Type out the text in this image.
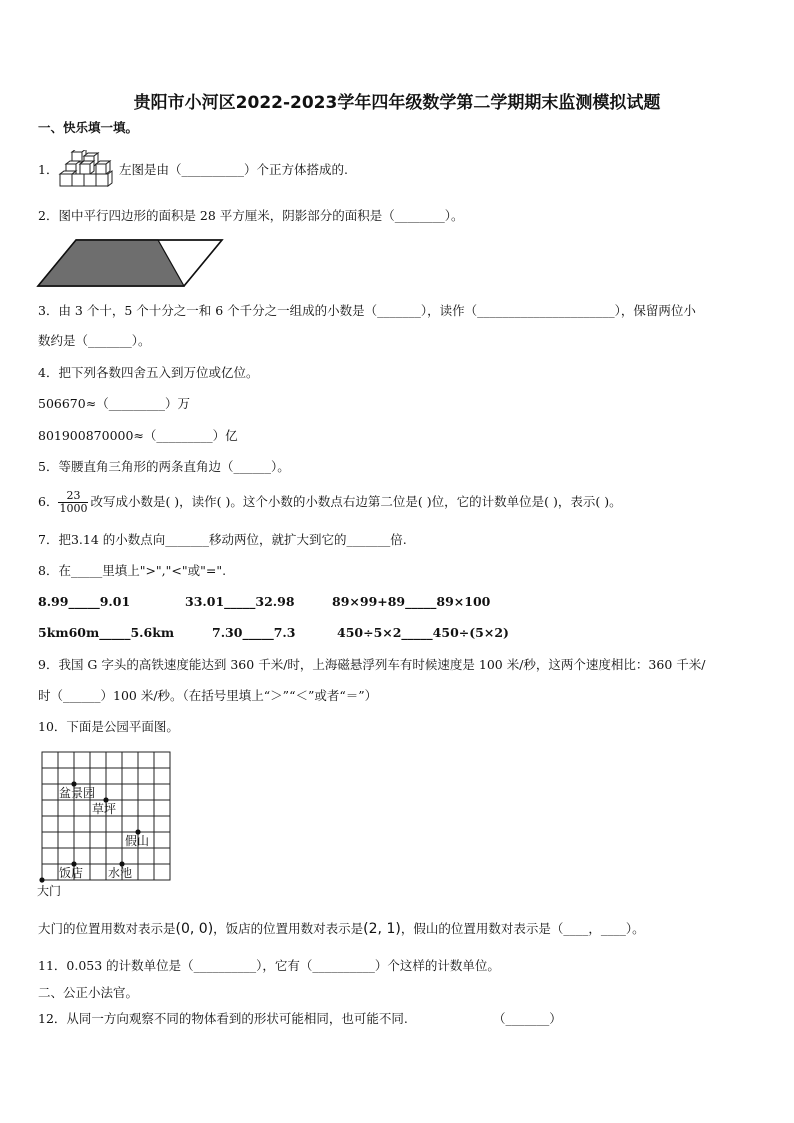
贵阳市小河区2022-2023学年四年级数学第二学期期末监测模拟试题
一、快乐填一填。
1．	左图是由（__________）个正方体搭成的.
2．图中平行四边形的面积是 28 平方厘米，阴影部分的面积是（________）。
3．由 3 个十，5 个十分之一和 6 个千分之一组成的小数是（_______），读作（______________________），保留两位小
数约是（_______）。
4．把下列各数四舍五入到万位或亿位。
506670≈（_________）万
801900870000≈（_________）亿
5．等腰直角三角形的两条直角边（______）。
6． $\frac{23}{1000}$ 改写成小数是( )，读作( )。这个小数的小数点右边第二位是( )位，它的计数单位是( )，表示( )。
7．把3.14 的小数点向_______移动两位，就扩大到它的_______倍.
8．在_____里填上">","<"或"=".
8.99_____9.01	33.01_____32.98	89×99+89_____89×100
5km60m_____5.6km	7.30_____7.3	450÷5×2_____450÷(5×2)
9．我国 G 字头的高铁速度能达到 360 千米/时，上海磁悬浮列车有时候速度是 100 米/秒，这两个速度相比：360 千米/
时（______）100 米/秒。（在括号里填上“＞”“＜”或者“＝”）
10．下面是公园平面图。
盆景园
草坪
假山
饭店 水池
大门
大门的位置用数对表示是(0, 0)，饭店的位置用数对表示是(2, 1)，假山的位置用数对表示是（____，____）。
11．0.053 的计数单位是（__________），它有（__________）个这样的计数单位。
二、公正小法官。
12．从同一方向观察不同的物体看到的形状可能相同，也可能不同.	（_______）
